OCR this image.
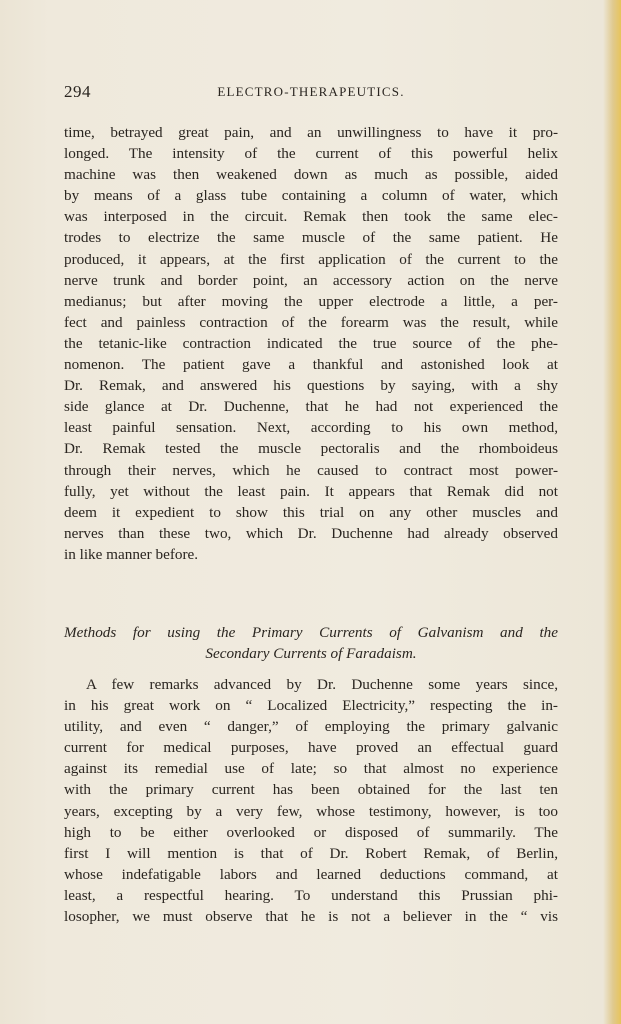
294	ELECTRO-THERAPEUTICS.
time, betrayed great pain, and an unwillingness to have it pro-
longed. The intensity of the current of this powerful helix
machine was then weakened down as much as possible, aided
by means of a glass tube containing a column of water, which
was interposed in the circuit. Remak then took the same elec-
trodes to electrize the same muscle of the same patient. He
produced, it appears, at the first application of the current to the
nerve trunk and border point, an accessory action on the nerve
medianus; but after moving the upper electrode a little, a per-
fect and painless contraction of the forearm was the result, while
the tetanic-like contraction indicated the true source of the phe-
nomenon. The patient gave a thankful and astonished look at
Dr. Remak, and answered his questions by saying, with a shy
side glance at Dr. Duchenne, that he had not experienced the
least painful sensation. Next, according to his own method,
Dr. Remak tested the muscle pectoralis and the rhomboideus
through their nerves, which he caused to contract most power-
fully, yet without the least pain. It appears that Remak did not
deem it expedient to show this trial on any other muscles and
nerves than these two, which Dr. Duchenne had already observed
in like manner before.
Methods for using the Primary Currents of Galvanism and the
Secondary Currents of Faradaism.
A few remarks advanced by Dr. Duchenne some years since,
in his great work on “ Localized Electricity,” respecting the in-
utility, and even “ danger,” of employing the primary galvanic
current for medical purposes, have proved an effectual guard
against its remedial use of late; so that almost no experience
with the primary current has been obtained for the last ten
years, excepting by a very few, whose testimony, however, is too
high to be either overlooked or disposed of summarily. The
first I will mention is that of Dr. Robert Remak, of Berlin,
whose indefatigable labors and learned deductions command, at
least, a respectful hearing. To understand this Prussian phi-
losopher, we must observe that he is not a believer in the “ vis
